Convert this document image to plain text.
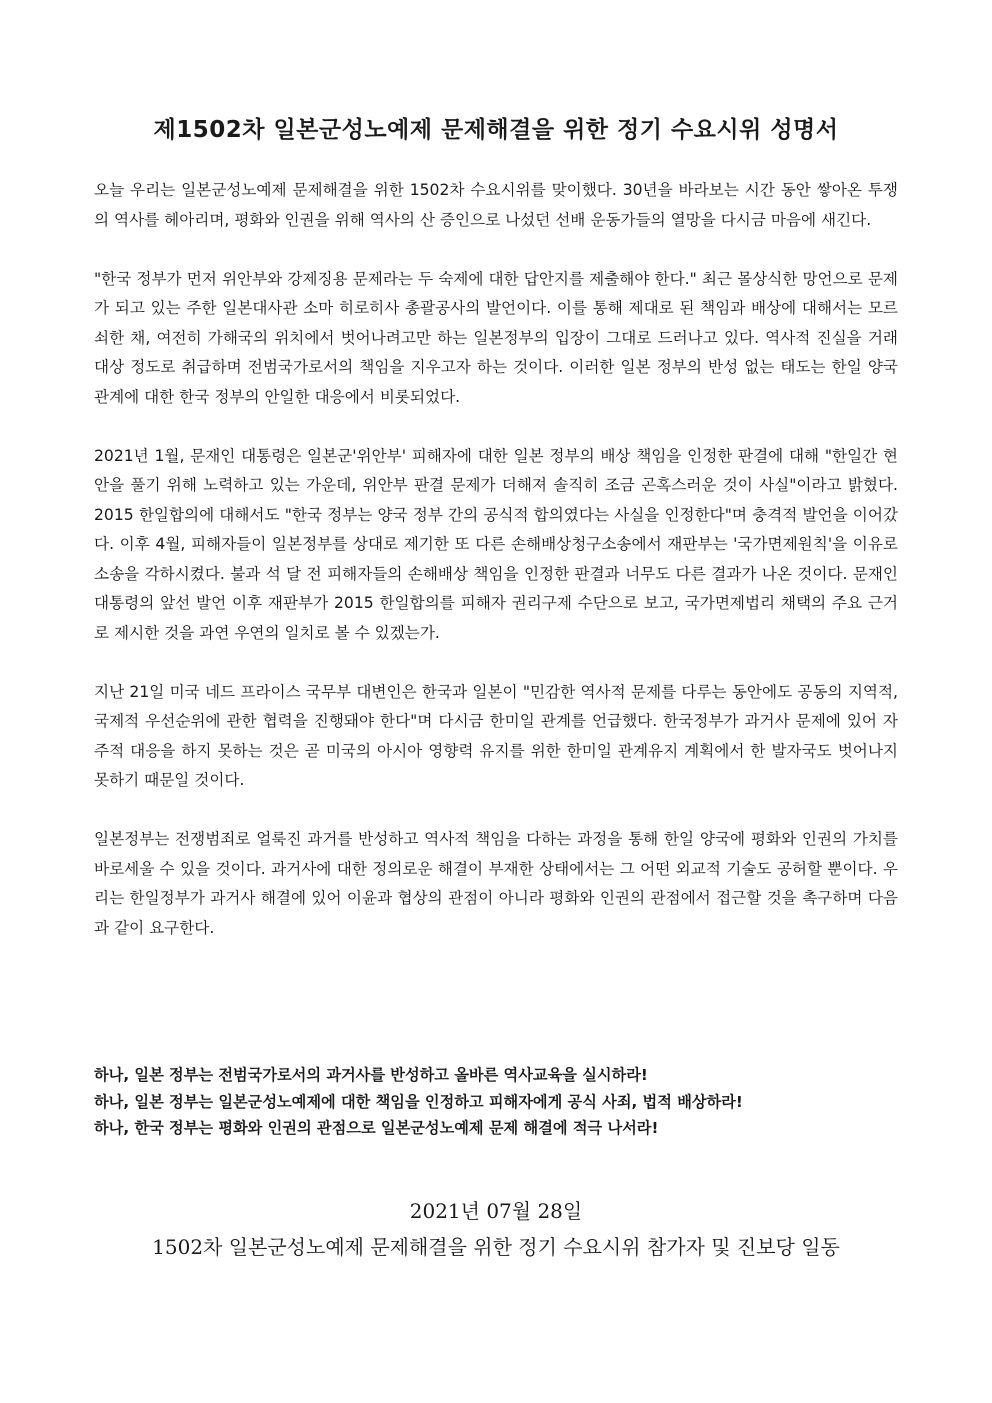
제1502차 일본군성노예제 문제해결을 위한 정기 수요시위 성명서

오늘 우리는 일본군성노예제 문제해결을 위한 1502차 수요시위를 맞이했다. 30년을 바라보는 시간 동안 쌓아온 투쟁의 역사를 헤아리며, 평화와 인권을 위해 역사의 산 증인으로 나섰던 선배 운동가들의 열망을 다시금 마음에 새긴다.

"한국 정부가 먼저 위안부와 강제징용 문제라는 두 숙제에 대한 답안지를 제출해야 한다." 최근 몰상식한 망언으로 문제가 되고 있는 주한 일본대사관 소마 히로히사 총괄공사의 발언이다. 이를 통해 제대로 된 책임과 배상에 대해서는 모르쇠한 채, 여전히 가해국의 위치에서 벗어나려고만 하는 일본정부의 입장이 그대로 드러나고 있다. 역사적 진실을 거래 대상 정도로 취급하며 전범국가로서의 책임을 지우고자 하는 것이다. 이러한 일본 정부의 반성 없는 태도는 한일 양국 관계에 대한 한국 정부의 안일한 대응에서 비롯되었다.

2021년 1월, 문재인 대통령은 일본군'위안부' 피해자에 대한 일본 정부의 배상 책임을 인정한 판결에 대해 "한일간 현안을 풀기 위해 노력하고 있는 가운데, 위안부 판결 문제가 더해져 솔직히 조금 곤혹스러운 것이 사실"이라고 밝혔다. 2015 한일합의에 대해서도 "한국 정부는 양국 정부 간의 공식적 합의였다는 사실을 인정한다"며 충격적 발언을 이어갔다. 이후 4월, 피해자들이 일본정부를 상대로 제기한 또 다른 손해배상청구소송에서 재판부는 '국가면제원칙'을 이유로 소송을 각하시켰다. 불과 석 달 전 피해자들의 손해배상 책임을 인정한 판결과 너무도 다른 결과가 나온 것이다. 문재인 대통령의 앞선 발언 이후 재판부가 2015 한일합의를 피해자 권리구제 수단으로 보고, 국가면제법리 채택의 주요 근거로 제시한 것을 과연 우연의 일치로 볼 수 있겠는가.

지난 21일 미국 네드 프라이스 국무부 대변인은 한국과 일본이 "민감한 역사적 문제를 다루는 동안에도 공동의 지역적, 국제적 우선순위에 관한 협력을 진행돼야 한다"며 다시금 한미일 관계를 언급했다. 한국정부가 과거사 문제에 있어 자주적 대응을 하지 못하는 것은 곧 미국의 아시아 영향력 유지를 위한 한미일 관계유지 계획에서 한 발자국도 벗어나지 못하기 때문일 것이다.

일본정부는 전쟁범죄로 얼룩진 과거를 반성하고 역사적 책임을 다하는 과정을 통해 한일 양국에 평화와 인권의 가치를 바로세울 수 있을 것이다. 과거사에 대한 정의로운 해결이 부재한 상태에서는 그 어떤 외교적 기술도 공허할 뿐이다. 우리는 한일정부가 과거사 해결에 있어 이윤과 협상의 관점이 아니라 평화와 인권의 관점에서 접근할 것을 촉구하며 다음과 같이 요구한다.

하나, 일본 정부는 전범국가로서의 과거사를 반성하고 올바른 역사교육을 실시하라!
하나, 일본 정부는 일본군성노예제에 대한 책임을 인정하고 피해자에게 공식 사죄, 법적 배상하라!
하나, 한국 정부는 평화와 인권의 관점으로 일본군성노예제 문제 해결에 적극 나서라!
2021년 07월 28일
1502차 일본군성노예제 문제해결을 위한 정기 수요시위 참가자 및 진보당 일동
